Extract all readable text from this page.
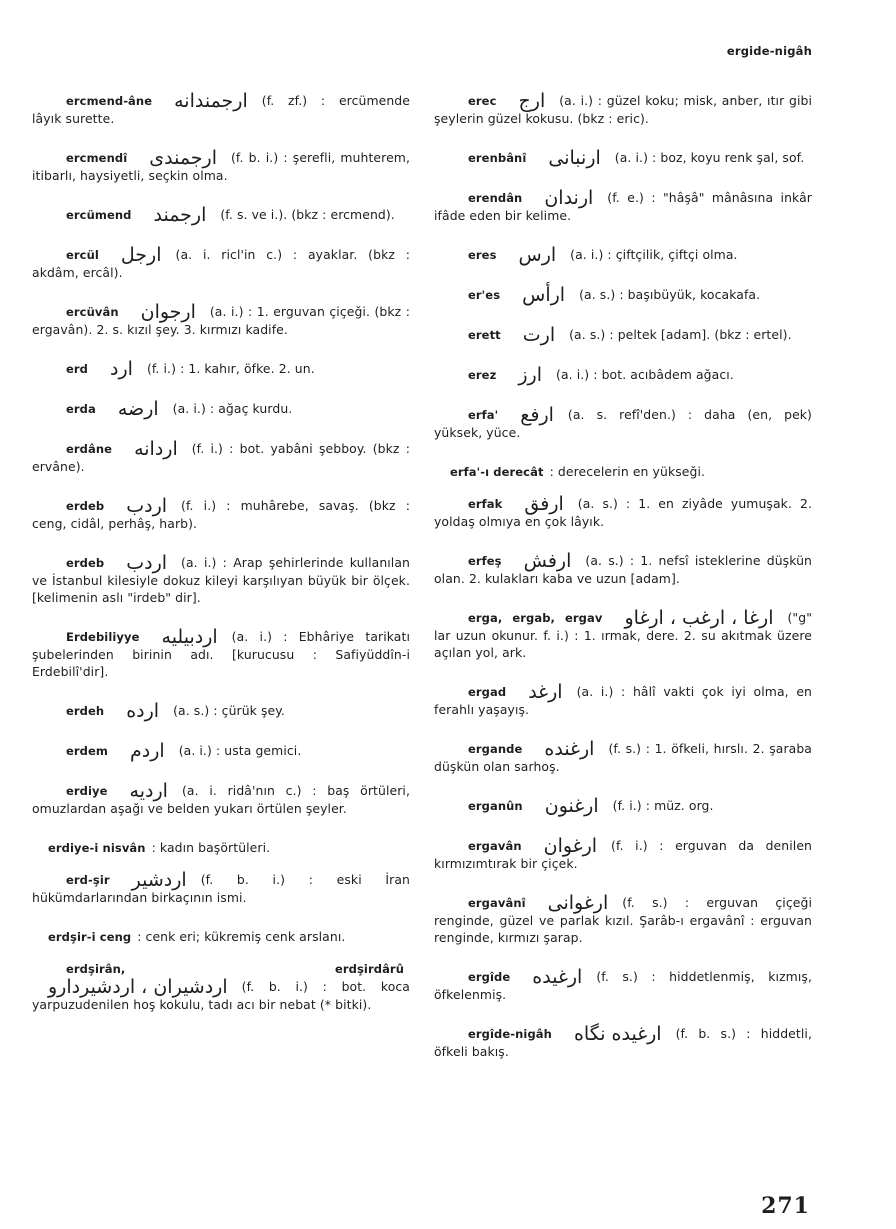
ergide-nigâh
ercmend-âne ارجمندانه (f. zf.) : ercümende lâyık surette.
ercmendî ارجمندى (f. b. i.) : şerefli, muhterem, itibarlı, haysiyetli, seçkin olma.
ercümend ارجمند (f. s. ve i.). (bkz : ercmend).
ercül ارجل (a. i. ricl'in c.) : ayaklar. (bkz : akdâm, ercâl).
ercüvân ارجوان (a. i.) : 1. erguvan çiçeği. (bkz : ergavân). 2. s. kızıl şey. 3. kırmızı kadife.
erd ارد (f. i.) : 1. kahır, öfke. 2. un.
erda ارضه (a. i.) : ağaç kurdu.
erdâne اردانه (f. i.) : bot. yabâni şebboy. (bkz : ervâne).
erdeb اردب (f. i.) : muhârebe, savaş. (bkz : ceng, cidâl, perhâş, harb).
erdeb اردب (a. i.) : Arap şehirlerinde kullanılan ve İstanbul kilesiyle dokuz kileyi karşılıyan büyük bir ölçek. [kelimenin aslı "irdeb" dir].
Erdebiliyye اردبيليه (a. i.) : Ebhâriye tarikatı şubelerinden birinin adı. [kurucusu : Safiyüddîn-i Erdebilî'dir].
erdeh ارده (a. s.) : çürük şey.
erdem اردم (a. i.) : usta gemici.
erdiye ارديه (a. i. ridâ'nın c.) : baş örtüleri, omuzlardan aşağı ve belden yukarı örtülen şeyler.
erdiye-i nisvân : kadın başörtüleri.
erd-şir اردشير (f. b. i.) : eski İran hükümdarlarından birkaçının ismi.
erdşir-i ceng : cenk eri; kükremiş cenk arslanı.
erdşirân, erdşirdârûاردشيران ، اردشيردارو (f. b. i.) : bot. koca yarpuzudenilen hoş kokulu, tadı acı bir nebat (* bitki).
erec ارج (a. i.) : güzel koku; misk, anber, ıtır gibi şeylerin güzel kokusu. (bkz : eric).
erenbânî ارنبانى (a. i.) : boz, koyu renk şal, sof.
erendân ارندان (f. e.) : "hâşâ" mânâsına inkâr ifâde eden bir kelime.
eres ارس (a. i.) : çiftçilik, çiftçi olma.
er'es ارأس (a. s.) : başıbüyük, kocakafa.
erett ارت (a. s.) : peltek [adam]. (bkz : ertel).
erez ارز (a. i.) : bot. acıbâdem ağacı.
erfa' ارفع (a. s. refî'den.) : daha (en, pek) yüksek, yüce.
erfa'-ı derecât : derecelerin en yükseği.
erfak ارفق (a. s.) : 1. en ziyâde yumuşak. 2. yoldaş olmıya en çok lâyık.
erfeş ارفش (a. s.) : 1. nefsî isteklerine düşkün olan. 2. kulakları kaba ve uzun [adam].
erga, ergab, ergav ارغا ، ارغب ، ارغاو ("g" lar uzun okunur. f. i.) : 1. ırmak, dere. 2. su akıtmak üzere açılan yol, ark.
ergad ارغد (a. i.) : hâlî vakti çok iyi olma, en ferahlı yaşayış.
ergande ارغنده (f. s.) : 1. öfkeli, hırslı. 2. şaraba düşkün olan sarhoş.
erganûn ارغنون (f. i.) : müz. org.
ergavân ارغوان (f. i.) : erguvan da denilen kırmızımtırak bir çiçek.
ergavânî ارغوانى (f. s.) : erguvan çiçeği renginde, güzel ve parlak kızıl. Şarâb-ı ergavânî : erguvan renginde, kırmızı şarap.
ergîde ارغيده (f. s.) : hiddetlenmiş, kızmış, öfkelenmiş.
ergîde-nigâh ارغيده نگاه (f. b. s.) : hiddetli, öfkeli bakış.
271
